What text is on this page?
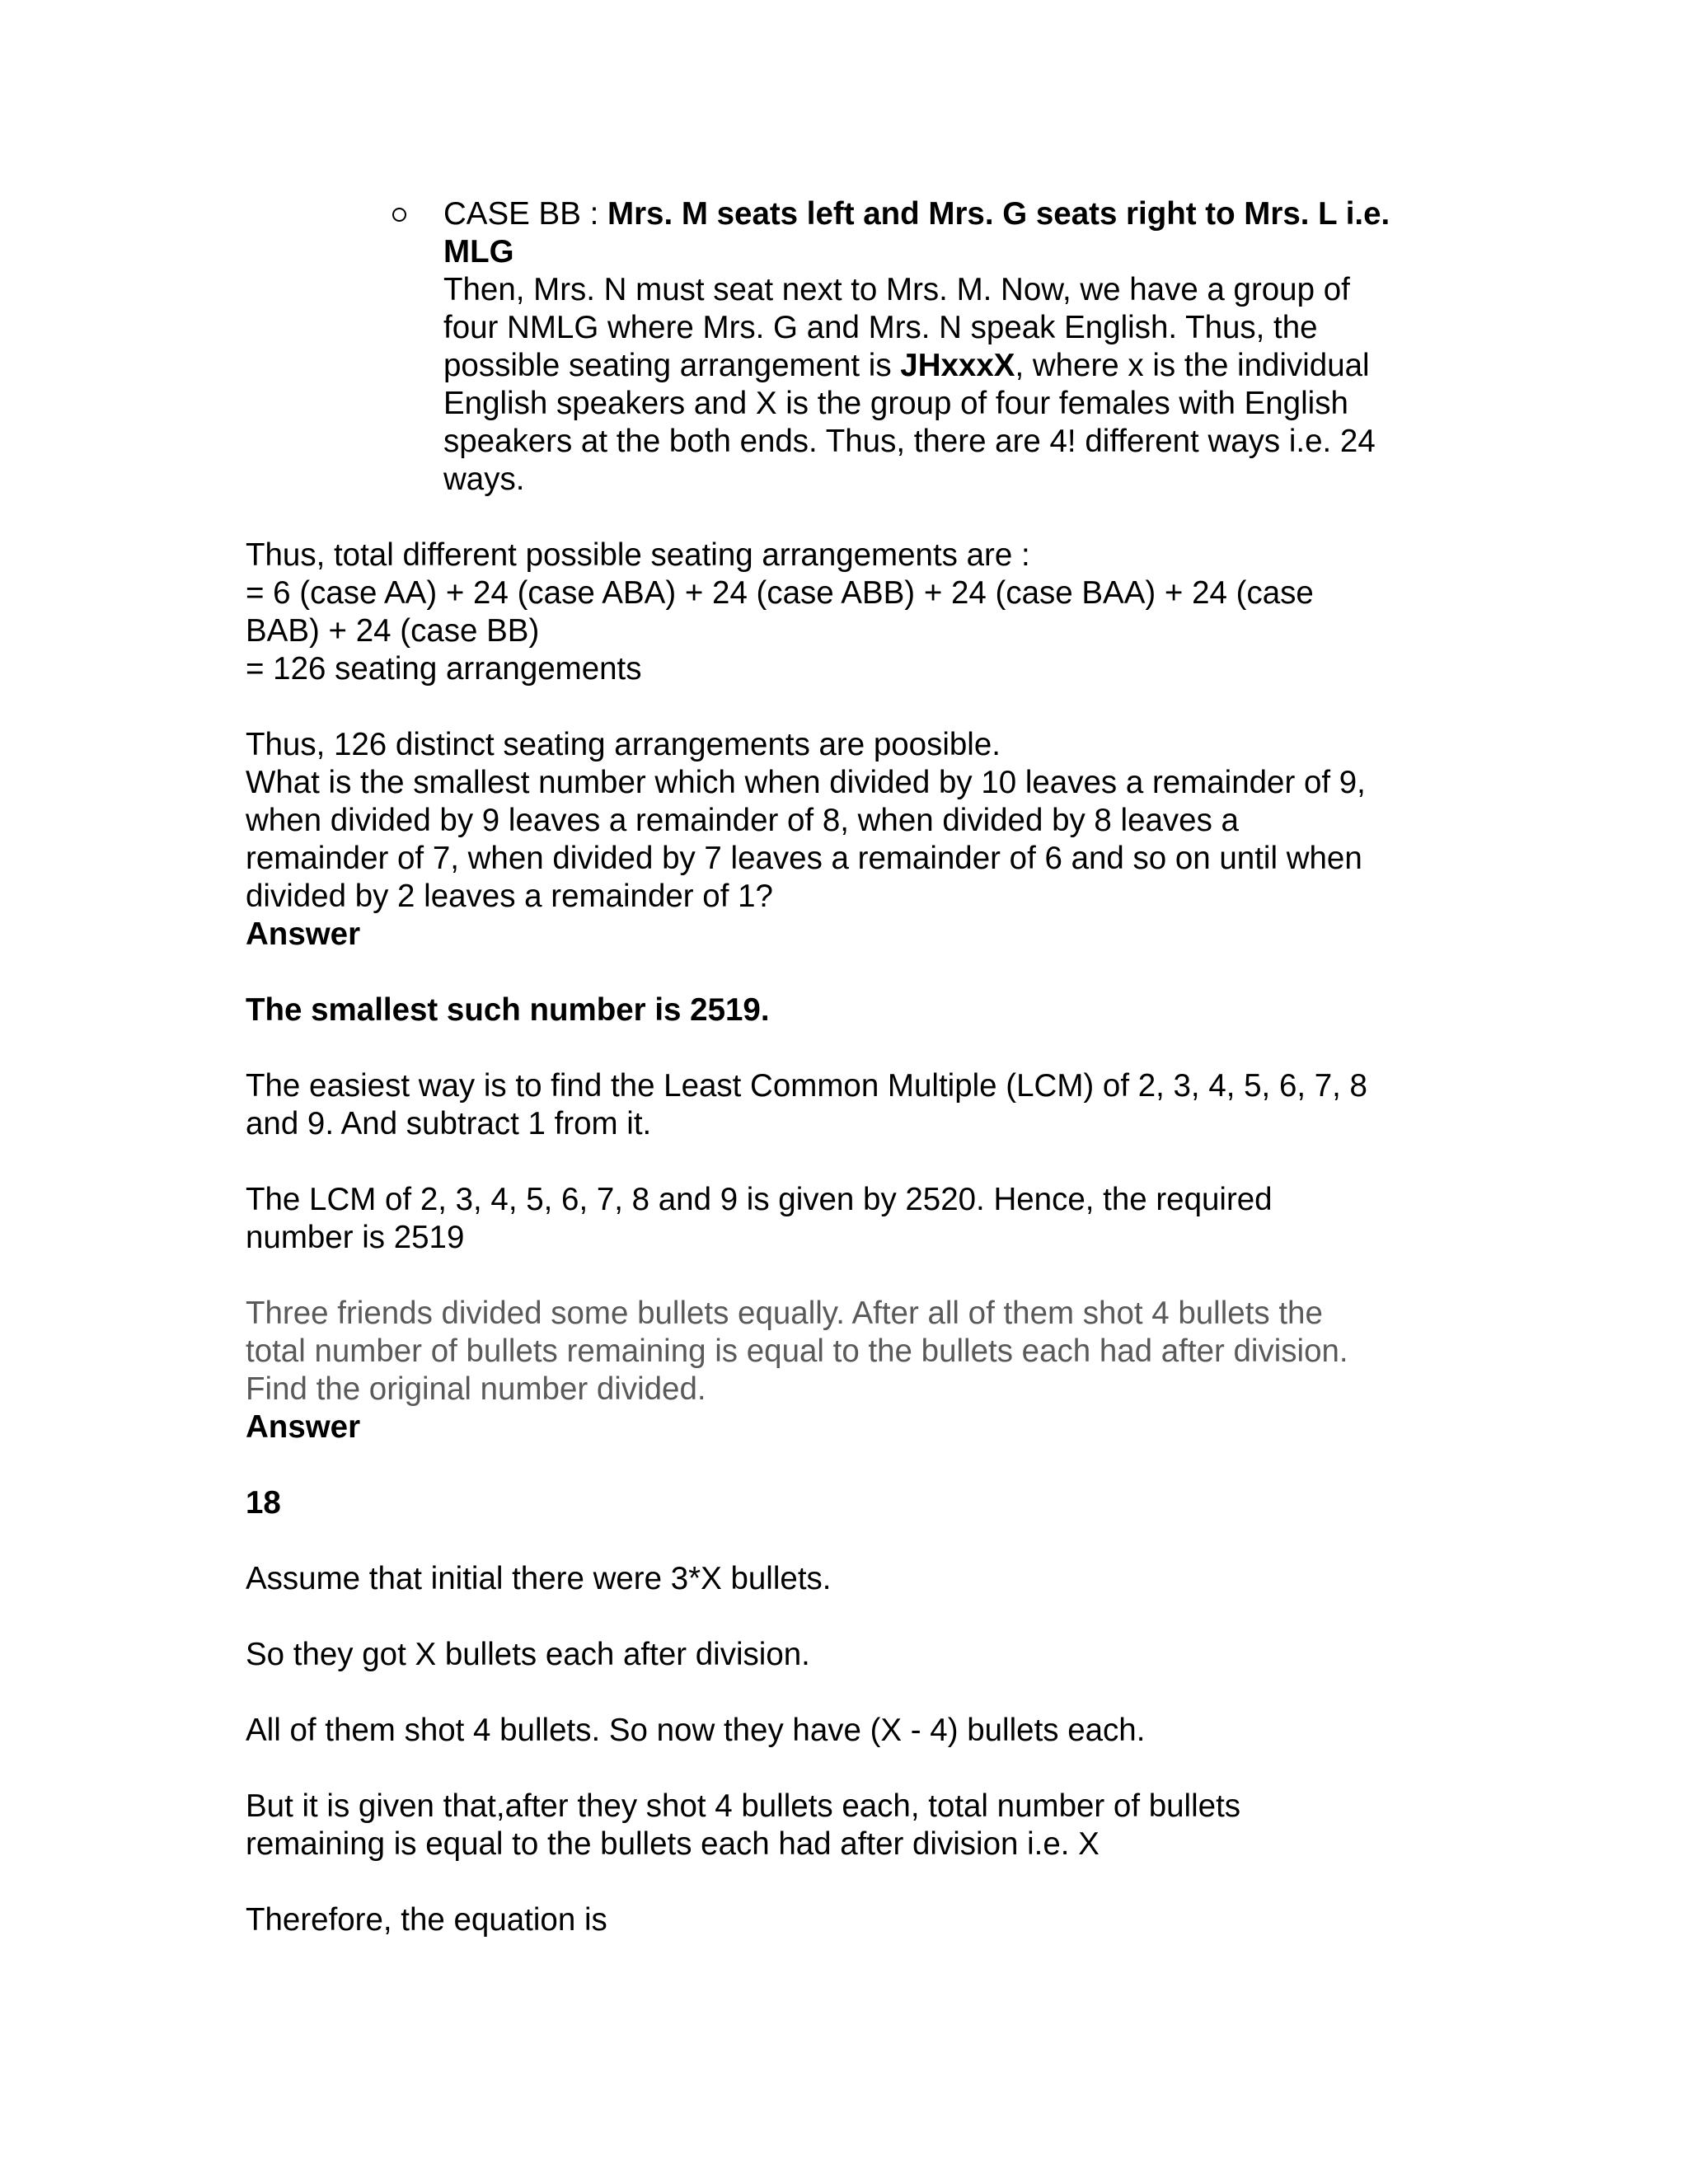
CASE BB : Mrs. M seats left and Mrs. G seats right to Mrs. L i.e.
MLG
Then, Mrs. N must seat next to Mrs. M. Now, we have a group of
four NMLG where Mrs. G and Mrs. N speak English. Thus, the
possible seating arrangement is JHxxxX, where x is the individual
English speakers and X is the group of four females with English
speakers at the both ends. Thus, there are 4! different ways i.e. 24
ways.
Thus, total different possible seating arrangements are :
= 6 (case AA) + 24 (case ABA) + 24 (case ABB) + 24 (case BAA) + 24 (case
BAB) + 24 (case BB)
= 126 seating arrangements
Thus, 126 distinct seating arrangements are poosible.
What is the smallest number which when divided by 10 leaves a remainder of 9,
when divided by 9 leaves a remainder of 8, when divided by 8 leaves a
remainder of 7, when divided by 7 leaves a remainder of 6 and so on until when
divided by 2 leaves a remainder of 1?
Answer
The smallest such number is 2519.
The easiest way is to find the Least Common Multiple (LCM) of 2, 3, 4, 5, 6, 7, 8
and 9. And subtract 1 from it.
The LCM of 2, 3, 4, 5, 6, 7, 8 and 9 is given by 2520. Hence, the required
number is 2519
Three friends divided some bullets equally. After all of them shot 4 bullets the
total number of bullets remaining is equal to the bullets each had after division.
Find the original number divided.
Answer
18
Assume that initial there were 3*X bullets.
So they got X bullets each after division.
All of them shot 4 bullets. So now they have (X - 4) bullets each.
But it is given that,after they shot 4 bullets each, total number of bullets
remaining is equal to the bullets each had after division i.e. X
Therefore, the equation is
